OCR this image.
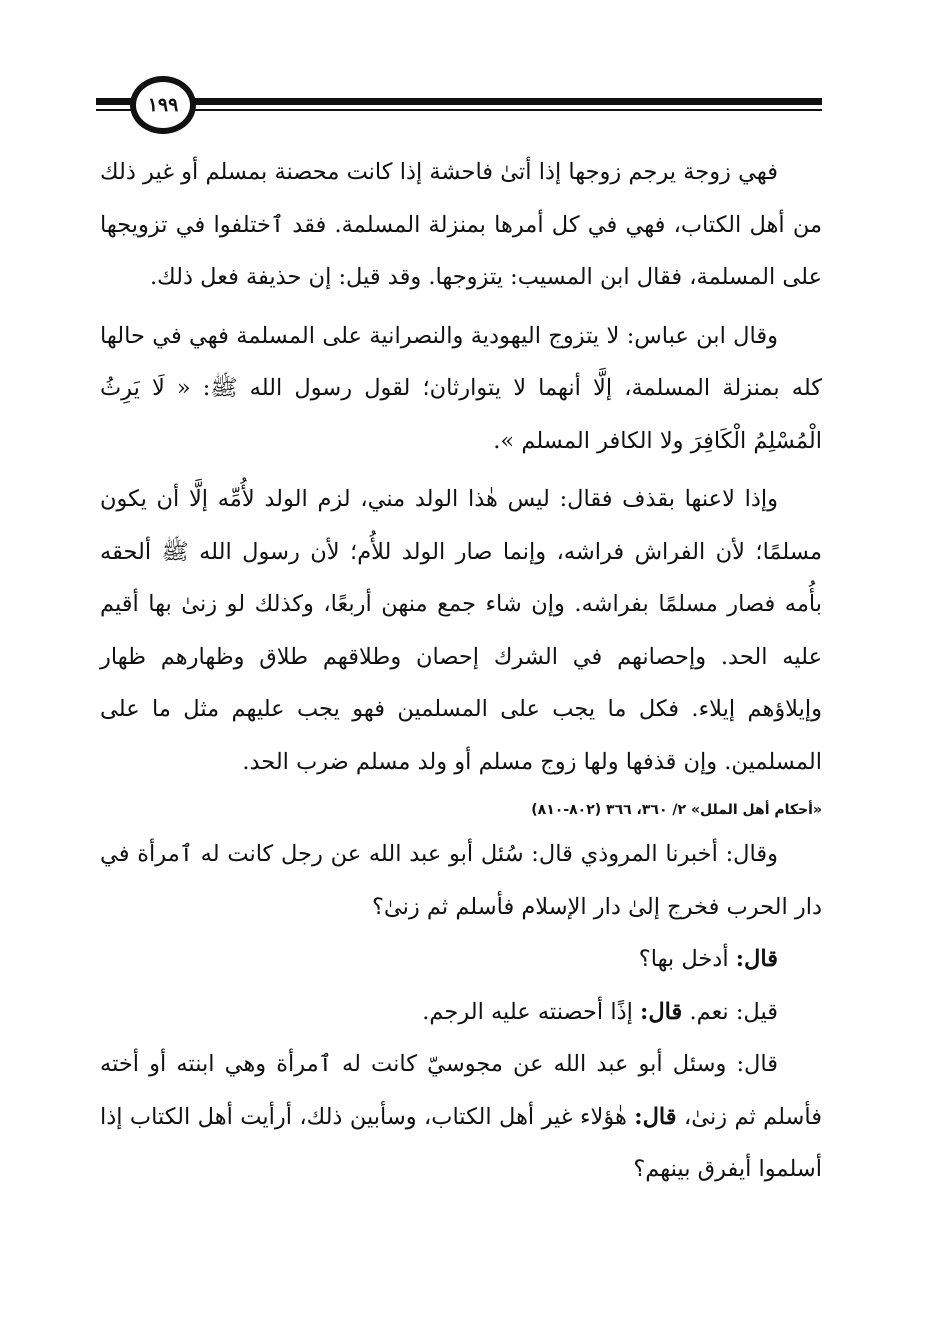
١٩٩

فهي زوجة يرجم زوجها إذا أتىٰ فاحشة إذا كانت محصنة بمسلم أو غير ذلك من أهل الكتاب، فهي في كل أمرها بمنزلة المسلمة. فقد ٱختلفوا في تزويجها على المسلمة، فقال ابن المسيب: يتزوجها. وقد قيل: إن حذيفة فعل ذلك.

وقال ابن عباس: لا يتزوج اليهودية والنصرانية على المسلمة فهي في حالها كله بمنزلة المسلمة، إلَّا أنهما لا يتوارثان؛ لقول رسول الله ﷺ: « لَا يَرِثُ الْمُسْلِمُ الْكَافِرَ ولا الكافر المسلم ».

وإذا لاعنها بقذف فقال: ليس هٰذا الولد مني، لزم الولد لأُمِّه إلَّا أن يكون مسلمًا؛ لأن الفراش فراشه، وإنما صار الولد للأُم؛ لأن رسول الله ﷺ ألحقه بأُمه فصار مسلمًا بفراشه. وإن شاء جمع منهن أربعًا، وكذلك لو زنىٰ بها أقيم عليه الحد. وإحصانهم في الشرك إحصان وطلاقهم طلاق وظهارهم ظهار وإيلاؤهم إيلاء. فكل ما يجب على المسلمين فهو يجب عليهم مثل ما على المسلمين. وإن قذفها ولها زوج مسلم أو ولد مسلم ضرب الحد.

«أحكام أهل الملل» ٢/ ٣٦٠، ٣٦٦ (٨٠٢-٨١٠)

وقال: أخبرنا المروذي قال: سُئل أبو عبد الله عن رجل كانت له ٱمرأة في دار الحرب فخرج إلىٰ دار الإسلام فأسلم ثم زنىٰ؟

قال: أدخل بها؟

قيل: نعم. قال: إذًا أحصنته عليه الرجم.

قال: وسئل أبو عبد الله عن مجوسيّ كانت له ٱمرأة وهي ابنته أو أخته فأسلم ثم زنىٰ، قال: هٰؤلاء غير أهل الكتاب، وسأبين ذلك، أرأيت أهل الكتاب إذا أسلموا أيفرق بينهم؟
